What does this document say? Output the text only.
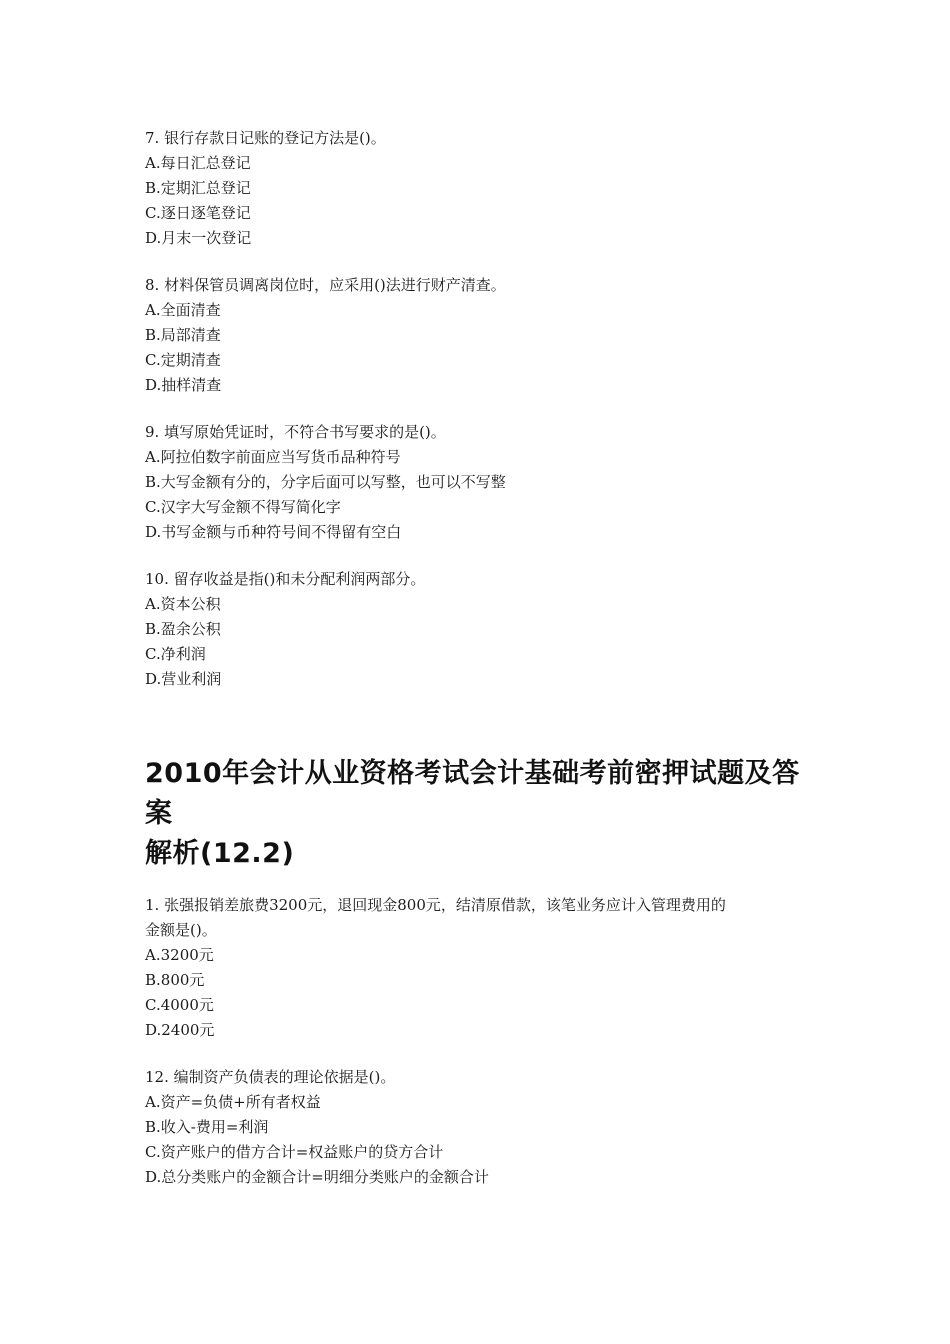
7. 银行存款日记账的登记方法是()。
A.每日汇总登记
B.定期汇总登记
C.逐日逐笔登记
D.月末一次登记
8. 材料保管员调离岗位时，应采用()法进行财产清查。
A.全面清查
B.局部清查
C.定期清查
D.抽样清查
9. 填写原始凭证时，不符合书写要求的是()。
A.阿拉伯数字前面应当写货币品种符号
B.大写金额有分的，分字后面可以写整，也可以不写整
C.汉字大写金额不得写简化字
D.书写金额与币种符号间不得留有空白
10. 留存收益是指()和未分配利润两部分。
A.资本公积
B.盈余公积
C.净利润
D.营业利润
2010年会计从业资格考试会计基础考前密押试题及答案
解析(12.2)
1. 张强报销差旅费3200元，退回现金800元，结清原借款，该笔业务应计入管理费用的
金额是()。
A.3200元
B.800元
C.4000元
D.2400元
12. 编制资产负债表的理论依据是()。
A.资产=负债+所有者权益
B.收入-费用=利润
C.资产账户的借方合计=权益账户的贷方合计
D.总分类账户的金额合计=明细分类账户的金额合计
